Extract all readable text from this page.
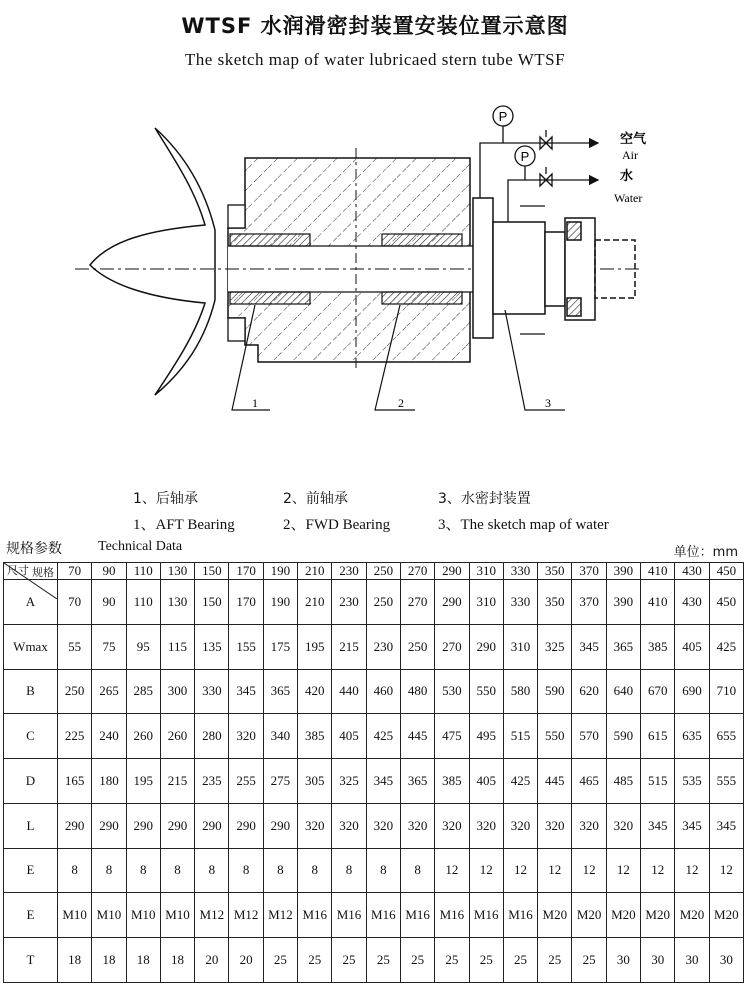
WTSF 水润滑密封装置安装位置示意图
The sketch map of water lubricaed stern tube WTSF
P
P
空气
Air
水
Water
1	2	3
1、后轴承	2、前轴承	3、水密封装置
1、AFT Bearing	2、FWD Bearing	3、The sketch map of water
规格参数	Technical Data	单位：mm
规格
尺寸	70	90	110	130	150	170	190	210	230	250	270	290	310	330	350	370	390	410	430	450
A	70	90	110	130	150	170	190	210	230	250	270	290	310	330	350	370	390	410	430	450
Wmax	55	75	95	115	135	155	175	195	215	230	250	270	290	310	325	345	365	385	405	425
B	250	265	285	300	330	345	365	420	440	460	480	530	550	580	590	620	640	670	690	710
C	225	240	260	260	280	320	340	385	405	425	445	475	495	515	550	570	590	615	635	655
D	165	180	195	215	235	255	275	305	325	345	365	385	405	425	445	465	485	515	535	555
L	290	290	290	290	290	290	290	320	320	320	320	320	320	320	320	320	320	345	345	345
E	8	8	8	8	8	8	8	8	8	8	8	12	12	12	12	12	12	12	12	12
E	M10	M10	M10	M10	M12	M12	M12	M16	M16	M16	M16	M16	M16	M16	M20	M20	M20	M20	M20	M20
T	18	18	18	18	20	20	25	25	25	25	25	25	25	25	25	25	30	30	30	30
